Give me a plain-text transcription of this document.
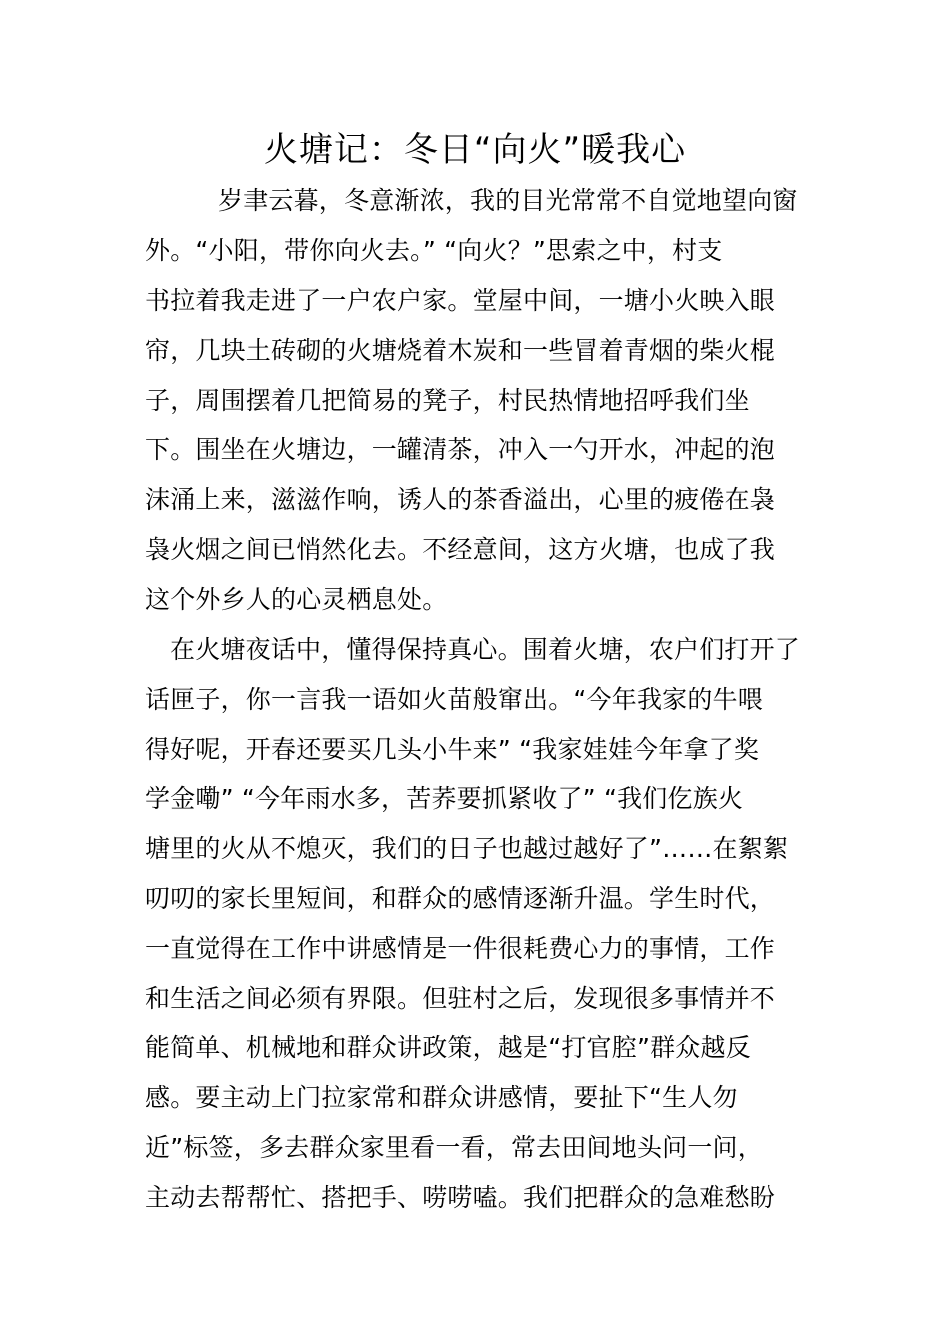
火塘记：冬日“向火”暖我心

岁聿云暮，冬意渐浓，我的目光常常不自觉地望向窗

外。“小阳，带你向火去。” “向火？”思索之中，村支

书拉着我走进了一户农户家。堂屋中间，一塘小火映入眼

帘，几块土砖砌的火塘烧着木炭和一些冒着青烟的柴火棍

子，周围摆着几把简易的凳子，村民热情地招呼我们坐

下。围坐在火塘边，一罐清茶，冲入一勺开水，冲起的泡

沫涌上来，滋滋作响，诱人的茶香溢出，心里的疲倦在袅

袅火烟之间已悄然化去。不经意间，这方火塘，也成了我

这个外乡人的心灵栖息处。

在火塘夜话中，懂得保持真心。围着火塘，农户们打开了

话匣子，你一言我一语如火苗般窜出。“今年我家的牛喂

得好呢，开春还要买几头小牛来” “我家娃娃今年拿了奖

学金嘞” “今年雨水多，苦荞要抓紧收了” “我们仡族火

塘里的火从不熄灭，我们的日子也越过越好了”……在絮絮

叨叨的家长里短间，和群众的感情逐渐升温。学生时代，

一直觉得在工作中讲感情是一件很耗费心力的事情，工作

和生活之间必须有界限。但驻村之后，发现很多事情并不

能简单、机械地和群众讲政策，越是“打官腔”群众越反

感。要主动上门拉家常和群众讲感情，要扯下“生人勿

近”标签，多去群众家里看一看，常去田间地头问一问，

主动去帮帮忙、搭把手、唠唠嗑。我们把群众的急难愁盼
